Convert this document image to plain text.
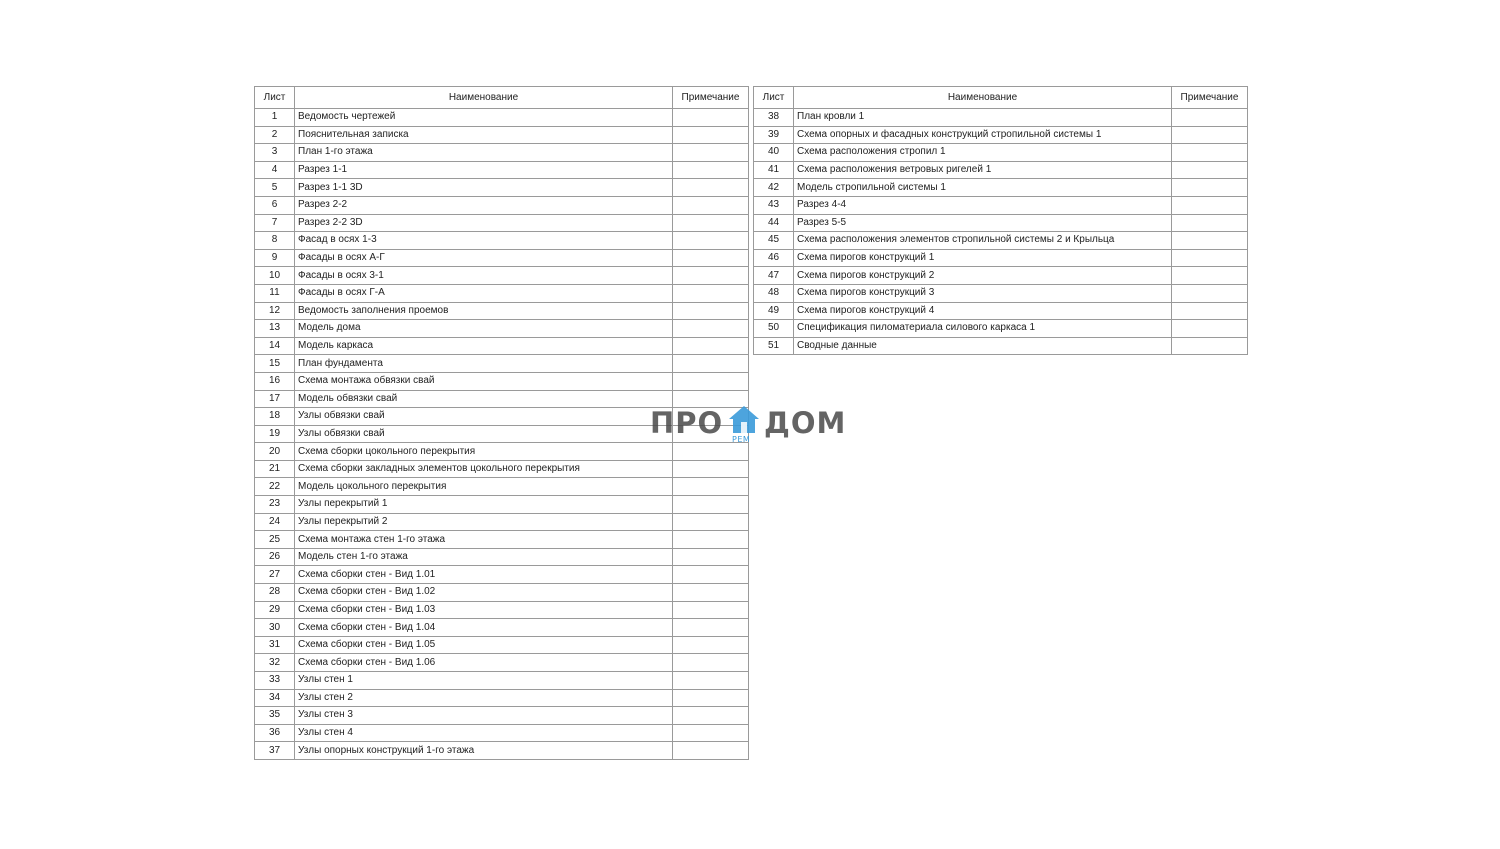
Лист	Наименование	Примечание
1	Ведомость чертежей	
2	Пояснительная записка	
3	План 1-го этажа	
4	Разрез 1-1	
5	Разрез 1-1 3D	
6	Разрез 2-2	
7	Разрез 2-2 3D	
8	Фасад в осях 1-3	
9	Фасады в осях А-Г	
10	Фасады в осях 3-1	
11	Фасады в осях Г-А	
12	Ведомость заполнения проемов	
13	Модель дома	
14	Модель каркаса	
15	План фундамента	
16	Схема монтажа обвязки свай	
17	Модель обвязки свай	
18	Узлы обвязки свай	
19	Узлы обвязки свай	
20	Схема сборки цокольного перекрытия	
21	Схема сборки закладных элементов цокольного перекрытия	
22	Модель цокольного перекрытия	
23	Узлы перекрытий 1	
24	Узлы перекрытий 2	
25	Схема монтажа стен 1-го этажа	
26	Модель стен 1-го этажа	
27	Схема сборки стен - Вид 1.01	
28	Схема сборки стен - Вид 1.02	
29	Схема сборки стен - Вид 1.03	
30	Схема сборки стен - Вид 1.04	
31	Схема сборки стен - Вид 1.05	
32	Схема сборки стен - Вид 1.06	
33	Узлы стен 1	
34	Узлы стен 2	
35	Узлы стен 3	
36	Узлы стен 4	
37	Узлы опорных конструкций 1-го этажа	
Лист	Наименование	Примечание
38	План кровли 1	
39	Схема опорных и фасадных конструкций стропильной системы 1	
40	Схема расположения стропил 1	
41	Схема расположения ветровых ригелей 1	
42	Модель стропильной системы 1	
43	Разрез 4-4	
44	Разрез 5-5	
45	Схема расположения элементов стропильной системы 2 и Крыльца	
46	Схема пирогов конструкций 1	
47	Схема пирогов конструкций 2	
48	Схема пирогов конструкций 3	
49	Схема пирогов конструкций 4	
50	Спецификация пиломатериала силового каркаса 1	
51	Сводные данные	
ПРО РЕМ ДОМ
